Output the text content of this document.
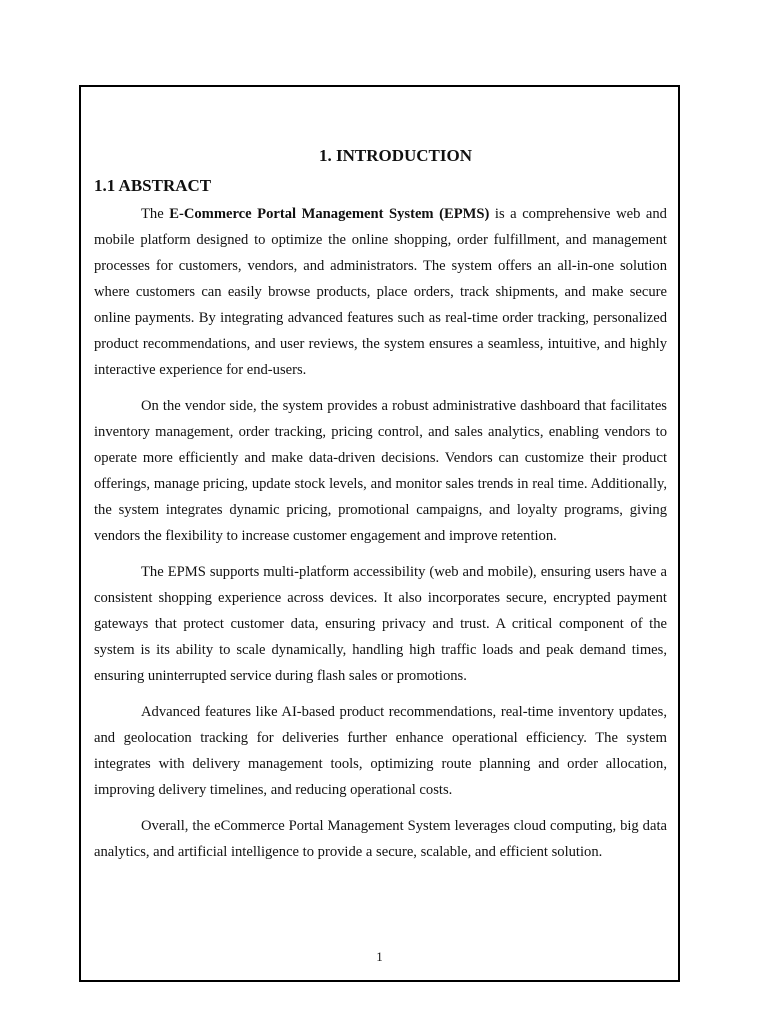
1. INTRODUCTION
1.1 ABSTRACT

The E-Commerce Portal Management System (EPMS) is a comprehensive web and mobile platform designed to optimize the online shopping, order fulfillment, and management processes for customers, vendors, and administrators. The system offers an all-in-one solution where customers can easily browse products, place orders, track shipments, and make secure online payments. By integrating advanced features such as real-time order tracking, personalized product recommendations, and user reviews, the system ensures a seamless, intuitive, and highly interactive experience for end-users.

On the vendor side, the system provides a robust administrative dashboard that facilitates inventory management, order tracking, pricing control, and sales analytics, enabling vendors to operate more efficiently and make data-driven decisions. Vendors can customize their product offerings, manage pricing, update stock levels, and monitor sales trends in real time. Additionally, the system integrates dynamic pricing, promotional campaigns, and loyalty programs, giving vendors the flexibility to increase customer engagement and improve retention.

The EPMS supports multi-platform accessibility (web and mobile), ensuring users have a consistent shopping experience across devices. It also incorporates secure, encrypted payment gateways that protect customer data, ensuring privacy and trust. A critical component of the system is its ability to scale dynamically, handling high traffic loads and peak demand times, ensuring uninterrupted service during flash sales or promotions.

Advanced features like AI-based product recommendations, real-time inventory updates, and geolocation tracking for deliveries further enhance operational efficiency. The system integrates with delivery management tools, optimizing route planning and order allocation, improving delivery timelines, and reducing operational costs.

Overall, the eCommerce Portal Management System leverages cloud computing, big data analytics, and artificial intelligence to provide a secure, scalable, and efficient solution.

1
